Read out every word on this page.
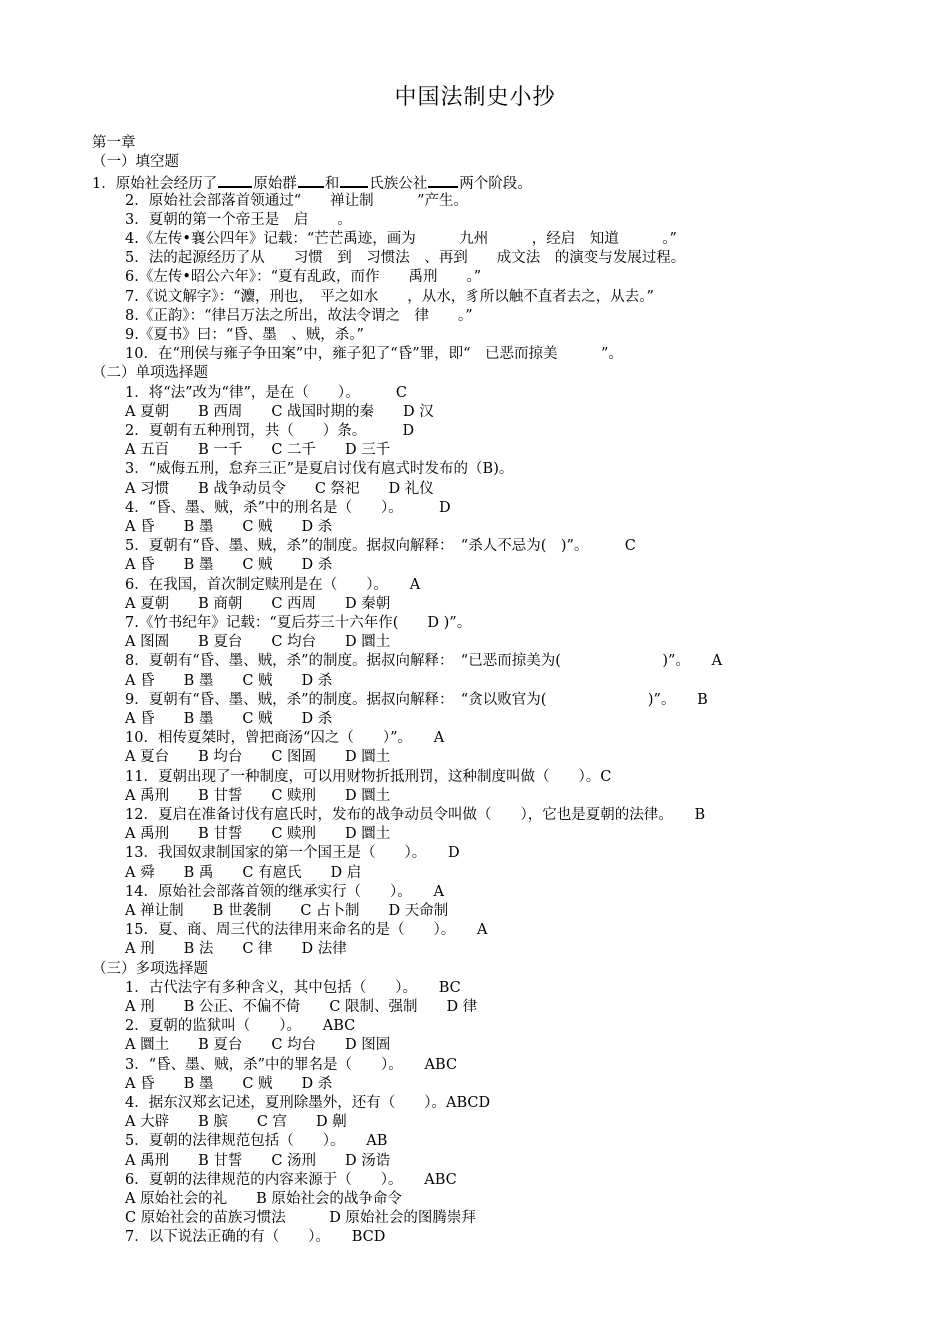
中国法制史小抄
第一章
（一）填空题
1．原始社会经历了 原始群 和 氏族公社 两个阶段。
2．原始社会部落首领通过“　　禅让制　　　”产生。
3．夏朝的第一个帝王是　启　　。
4.《左传•襄公四年》记载：“芒芒禹迹，画为　　　九州　　　，经启　知道　　　。”
5．法的起源经历了从　　习惯　到　习惯法　、再到　　成文法　的演变与发展过程。
6.《左传•昭公六年》：“夏有乱政，而作　　禹刑　　。”
7.《说文解字》：“灋，刑也，　平之如水　　，从水，豸所以触不直者去之，从去。”
8.《正韵》：“律吕万法之所出，故法令谓之　律　　。”
9.《夏书》曰：“昏、墨　、贼，杀。”
10．在“刑侯与雍子争田案”中，雍子犯了“昏”罪，即“　已恶而掠美　　　”。
（二）单项选择题
1．将“法”改为“律”，是在（　　）。　　　C
A 夏朝　　B 西周　　C 战国时期的秦　　D 汉
2．夏朝有五种刑罚，共（　　）条。　　　D
A 五百　　B 一千　　C 二千　　D 三千
3．“威侮五刑，怠弃三正”是夏启讨伐有扈式时发布的（B)。
A 习惯　　B 战争动员令　　C 祭祀　　D 礼仪
4．“昏、墨、贼，杀”中的刑名是（　　）。　　　D
A 昏　　B 墨　　C 贼　　D 杀
5．夏朝有“昏、墨、贼，杀”的制度。据叔向解释：　“杀人不忌为(　)”。　　　C
A 昏　　B 墨　　C 贼　　D 杀
6．在我国，首次制定赎刑是在（　　）。　　A
A 夏朝　　B 商朝　　C 西周　　D 秦朝
7.《竹书纪年》记载：“夏后芬三十六年作(　　D )”。
A 图圄　　B 夏台　　C 均台　　D 圜土
8．夏朝有“昏、墨、贼，杀”的制度。据叔向解释：　“已恶而掠美为(　　　　　　　)”。　　A
A 昏　　B 墨　　C 贼　　D 杀
9．夏朝有“昏、墨、贼，杀”的制度。据叔向解释：　“贪以败官为(　　　　　　　)”。　　B
A 昏　　B 墨　　C 贼　　D 杀
10．相传夏桀时，曾把商汤“囚之（　　）”。　　A
A 夏台　　B 均台　　C 图圄　　D 圜土
11．夏朝出现了一种制度，可以用财物折抵刑罚，这种制度叫做（　　）。C
A 禹刑　　B 甘誓　　C 赎刑　　D 圜土
12．夏启在准备讨伐有扈氏时，发布的战争动员令叫做（　　），它也是夏朝的法律。　　B
A 禹刑　　B 甘誓　　C 赎刑　　D 圜土
13．我国奴隶制国家的第一个国王是（　　）。　　D
A 舜　　B 禹　　C 有扈氏　　D 启
14．原始社会部落首领的继承实行（　　）。　　A
A 禅让制　　B 世袭制　　C 占卜制　　D 天命制
15．夏、商、周三代的法律用来命名的是（　　）。　　A
A 刑　　B 法　　C 律　　D 法律
（三）多项选择题
1．古代法字有多种含义，其中包括（　　）。　　BC
A 刑　　B 公正、不偏不倚　　C 限制、强制　　D 律
2．夏朝的监狱叫（　　）。　　ABC
A 圜土　　B 夏台　　C 均台　　D 图圄
3．“昏、墨、贼，杀”中的罪名是（　　）。　　ABC
A 昏　　B 墨　　C 贼　　D 杀
4．据东汉郑玄记述，夏刑除墨外，还有（　　）。ABCD
A 大辟　　B 膑　　C 宫　　D 劓
5．夏朝的法律规范包括（　　）。　　AB
A 禹刑　　B 甘誓　　C 汤刑　　D 汤诰
6．夏朝的法律规范的内容来源于（　　）。　　ABC
A 原始社会的礼　　B 原始社会的战争命令
C 原始社会的苗族习惯法　　　D 原始社会的图腾崇拜
7．以下说法正确的有（　　）。　　BCD
